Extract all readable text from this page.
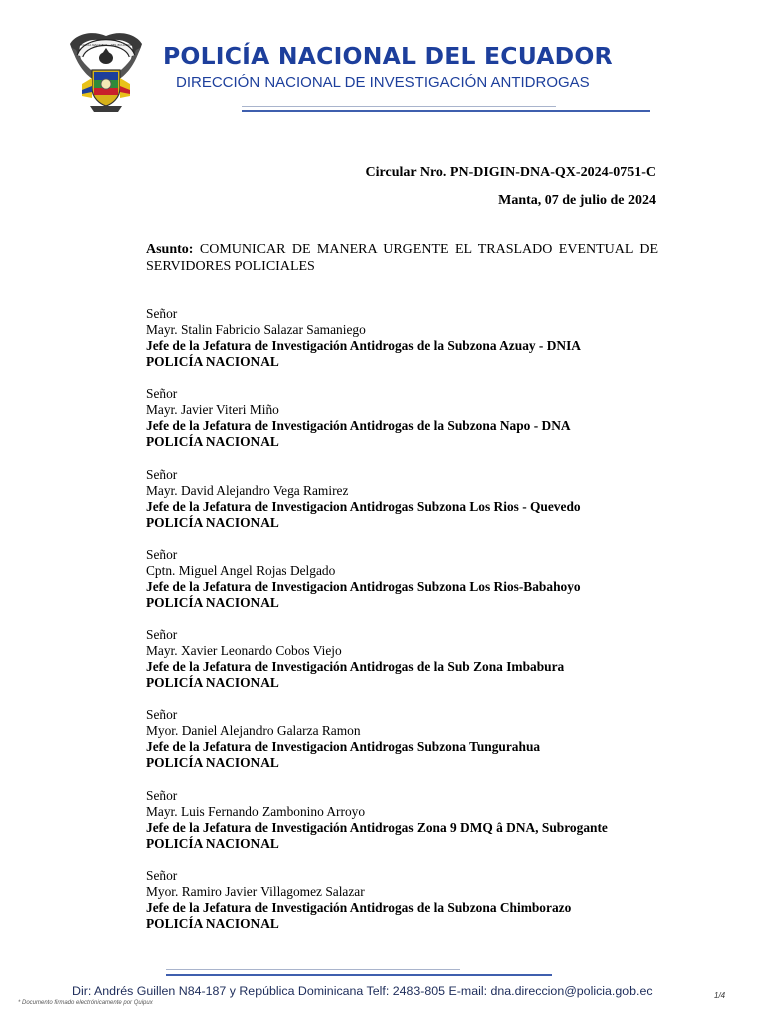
POLICIA NACIONAL · DEL ECUADOR POLICÍA NACIONAL DEL ECUADOR
DIRECCIÓN NACIONAL DE INVESTIGACIÓN ANTIDROGAS
Circular Nro. PN-DIGIN-DNA-QX-2024-0751-C
Manta, 07 de julio de 2024
Asunto: COMUNICAR DE MANERA URGENTE EL TRASLADO EVENTUAL DE SERVIDORES POLICIALES
Señor
Mayr. Stalin Fabricio Salazar Samaniego
Jefe de la Jefatura de Investigación Antidrogas de la Subzona Azuay - DNIA
POLICÍA NACIONAL
Señor
Mayr. Javier Viteri Miño
Jefe de la Jefatura de Investigación Antidrogas de la Subzona Napo - DNA
POLICÍA NACIONAL
Señor
Mayr. David Alejandro Vega Ramirez
Jefe de la Jefatura de Investigacion Antidrogas Subzona Los Rios - Quevedo
POLICÍA NACIONAL
Señor
Cptn. Miguel Angel Rojas Delgado
Jefe de la Jefatura de Investigacion Antidrogas Subzona Los Rios-Babahoyo
POLICÍA NACIONAL
Señor
Mayr. Xavier Leonardo Cobos Viejo
Jefe de la Jefatura de Investigación Antidrogas de la Sub Zona Imbabura
POLICÍA NACIONAL
Señor
Myor. Daniel Alejandro Galarza Ramon
Jefe de la Jefatura de Investigacion Antidrogas Subzona Tungurahua
POLICÍA NACIONAL
Señor
Mayr. Luis Fernando Zambonino Arroyo
Jefe de la Jefatura de Investigación Antidrogas Zona 9 DMQ â DNA, Subrogante
POLICÍA NACIONAL
Señor
Myor. Ramiro Javier Villagomez Salazar
Jefe de la Jefatura de Investigación Antidrogas de la Subzona Chimborazo
POLICÍA NACIONAL
Dir: Andrés Guillen N84-187 y República Dominicana Telf: 2483-805 E-mail: dna.direccion@policia.gob.ec
* Documento firmado electrónicamente por Quipux
1/4
